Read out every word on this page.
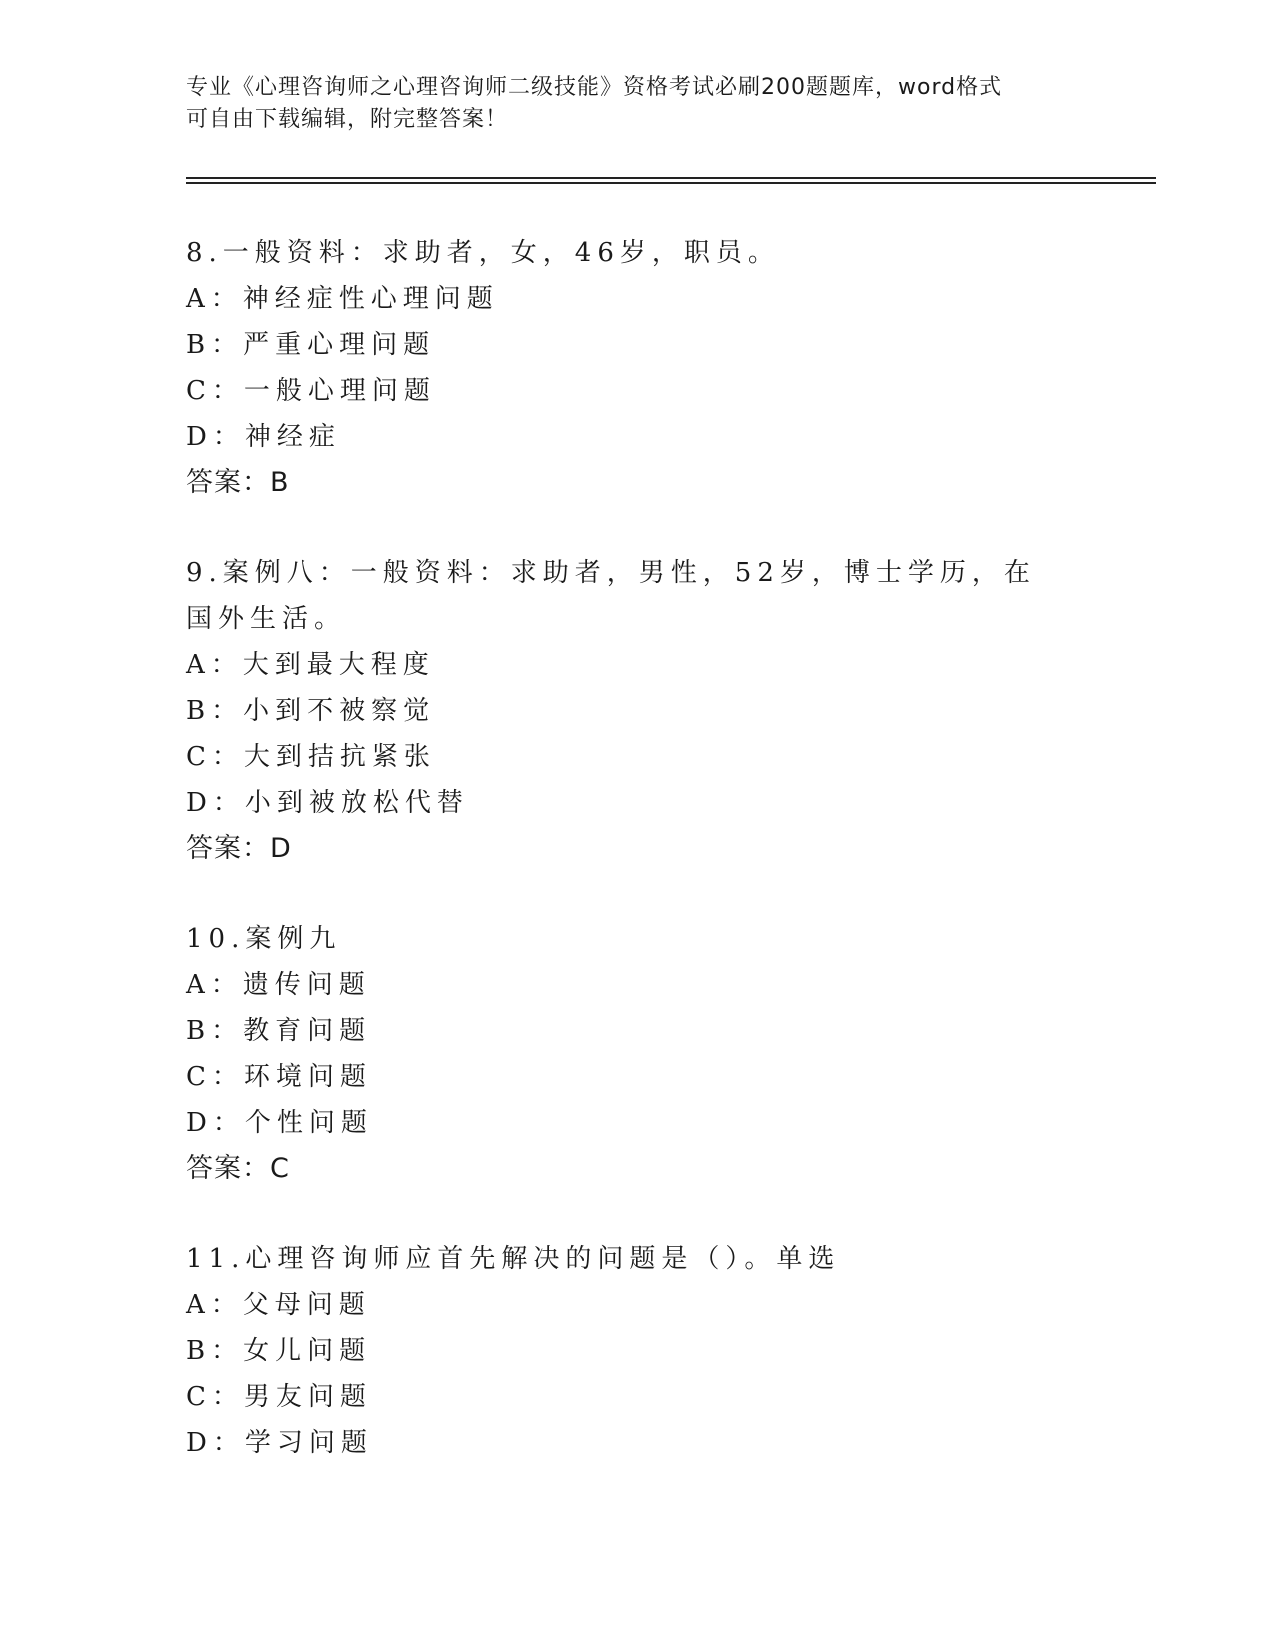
专业《心理咨询师之心理咨询师二级技能》资格考试必刷200题题库，word格式
可自由下载编辑，附完整答案！
8.一般资料：求助者，女，46岁，职员。
A：神经症性心理问题
B：严重心理问题
C：一般心理问题
D：神经症
答案：B
9.案例八：一般资料：求助者，男性，52岁，博士学历，在国外生活。
A：大到最大程度
B：小到不被察觉
C：大到拮抗紧张
D：小到被放松代替
答案：D
10.案例九
A：遗传问题
B：教育问题
C：环境问题
D：个性问题
答案：C
11.心理咨询师应首先解决的问题是（）。单选
A：父母问题
B：女儿问题
C：男友问题
D：学习问题
